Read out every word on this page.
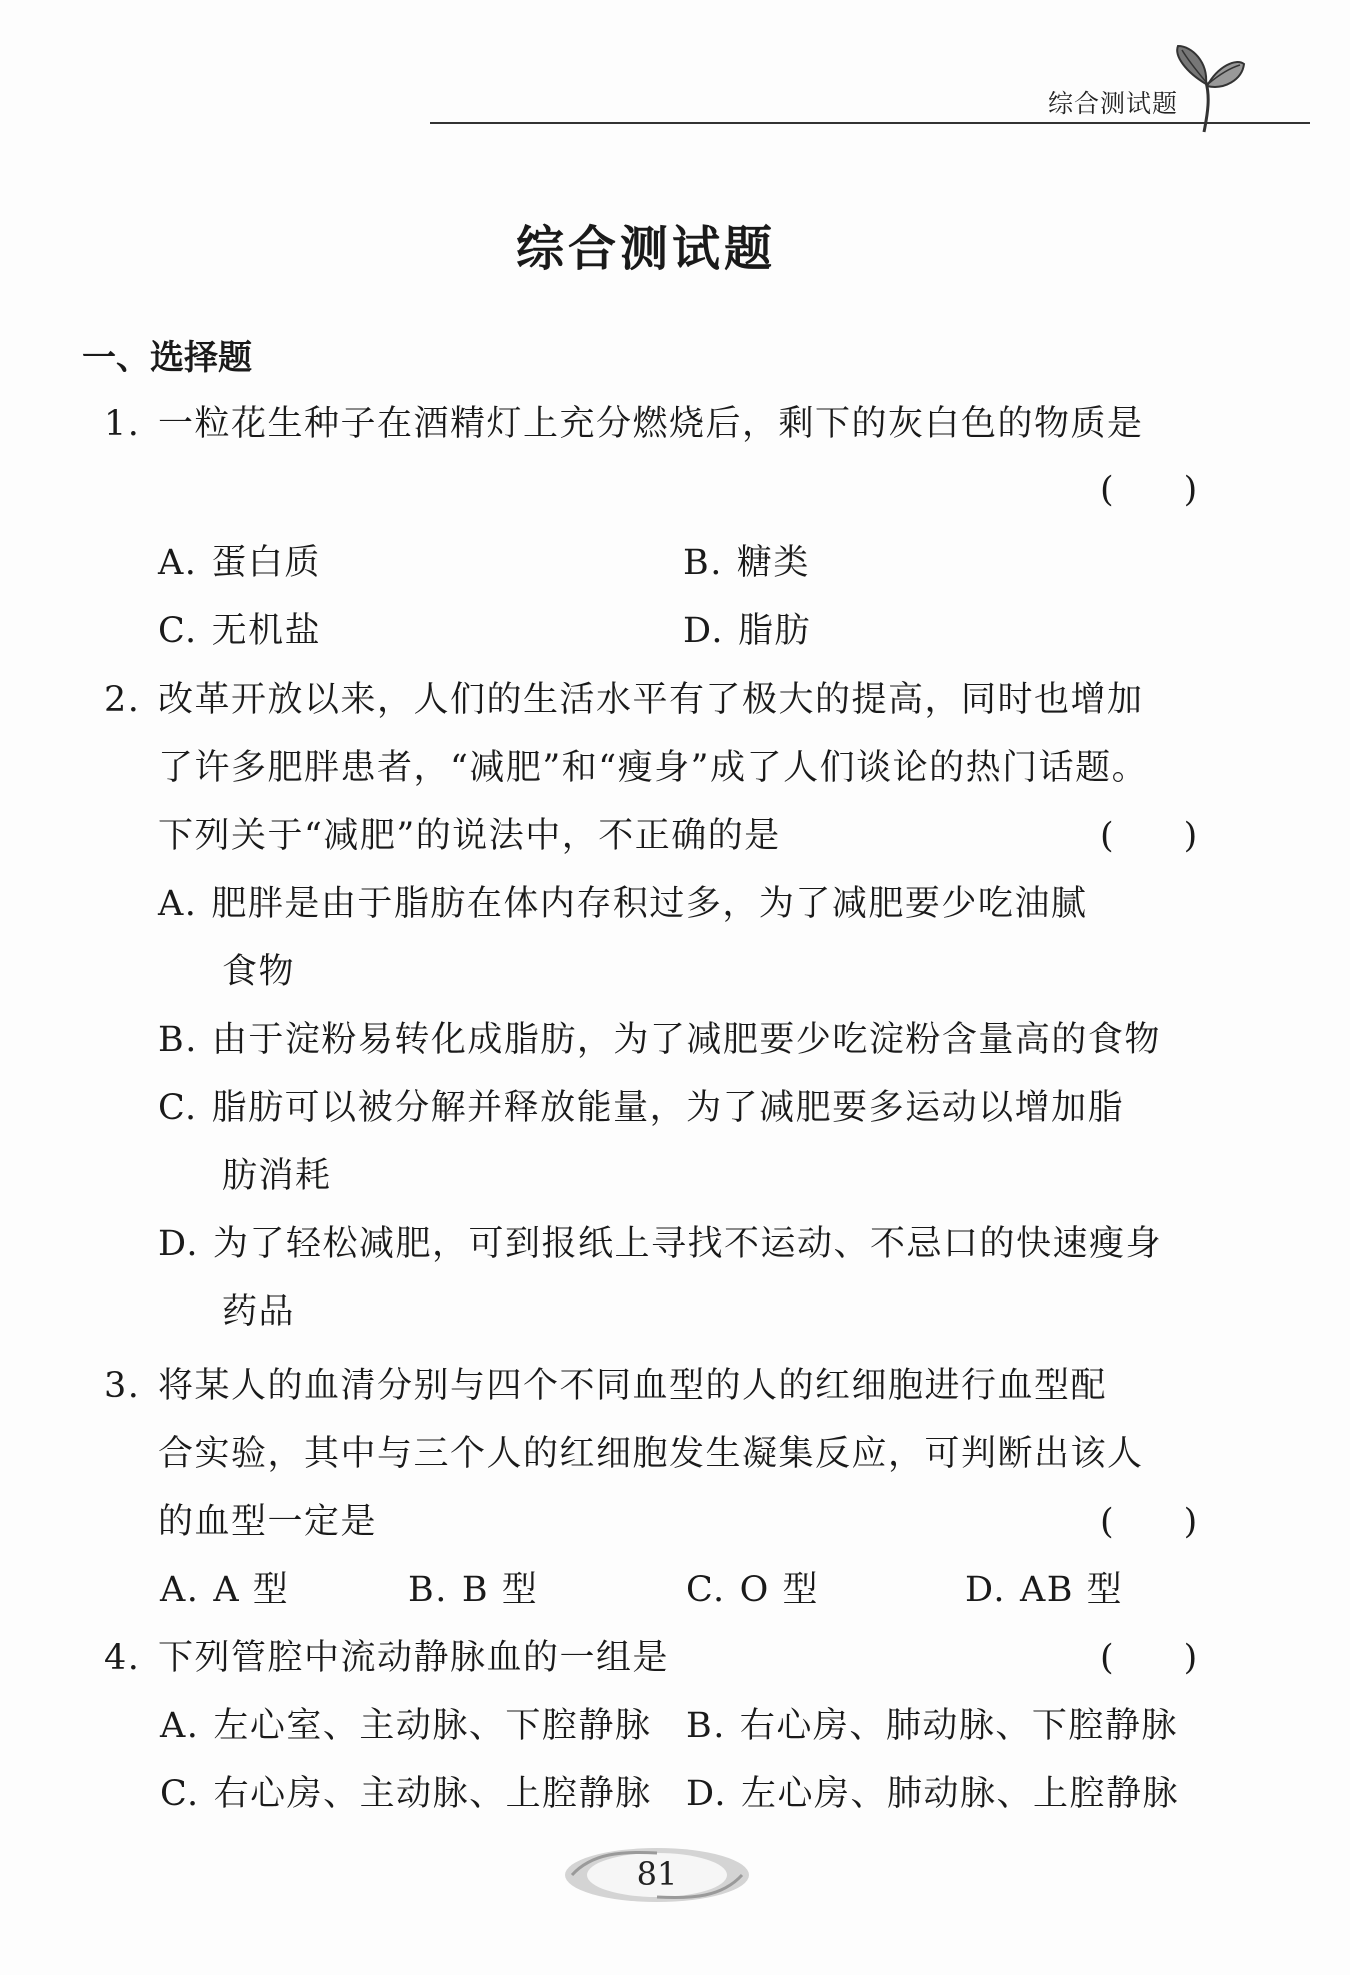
综合测试题
综合测试题
一、选择题
1. 一粒花生种子在酒精灯上充分燃烧后，剩下的灰白色的物质是
(　　)
A. 蛋白质	B. 糖类
C. 无机盐	D. 脂肪
2. 改革开放以来，人们的生活水平有了极大的提高，同时也增加
了许多肥胖患者，“减肥”和“瘦身”成了人们谈论的热门话题。
下列关于“减肥”的说法中，不正确的是	(　　)
A. 肥胖是由于脂肪在体内存积过多，为了减肥要少吃油腻
食物
B. 由于淀粉易转化成脂肪，为了减肥要少吃淀粉含量高的食物
C. 脂肪可以被分解并释放能量，为了减肥要多运动以增加脂
肪消耗
D. 为了轻松减肥，可到报纸上寻找不运动、不忌口的快速瘦身
药品
3. 将某人的血清分别与四个不同血型的人的红细胞进行血型配
合实验，其中与三个人的红细胞发生凝集反应，可判断出该人
的血型一定是	(　　)
A. A 型	B. B 型	C. O 型	D. AB 型
4. 下列管腔中流动静脉血的一组是	(　　)
A. 左心室、主动脉、下腔静脉 B. 右心房、肺动脉、下腔静脉
C. 右心房、主动脉、上腔静脉 D. 左心房、肺动脉、上腔静脉
81
